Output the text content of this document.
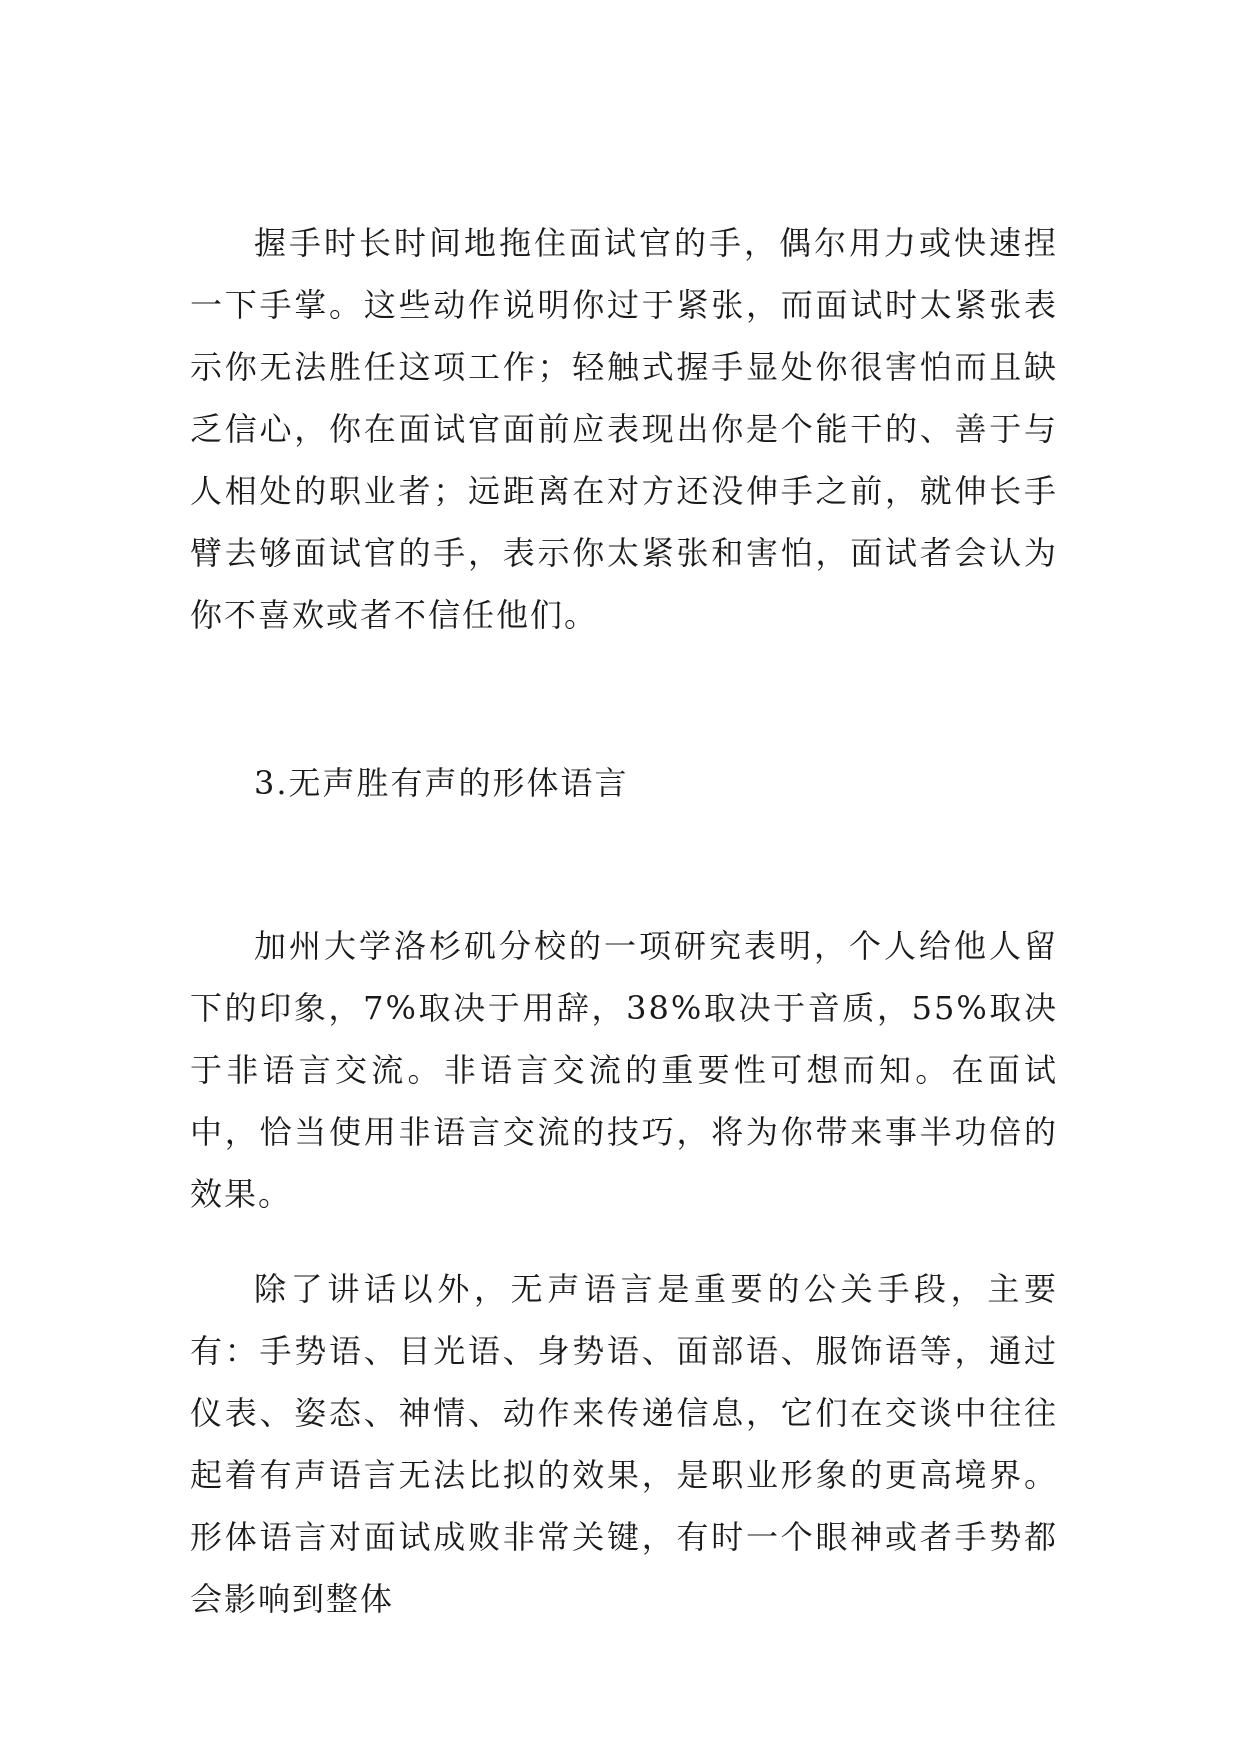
握手时长时间地拖住面试官的手，偶尔用力或快速捏一下手掌。这些动作说明你过于紧张，而面试时太紧张表示你无法胜任这项工作；轻触式握手显处你很害怕而且缺乏信心，你在面试官面前应表现出你是个能干的、善于与人相处的职业者；远距离在对方还没伸手之前，就伸长手臂去够面试官的手，表示你太紧张和害怕，面试者会认为你不喜欢或者不信任他们。

3.无声胜有声的形体语言

加州大学洛杉矶分校的一项研究表明，个人给他人留下的印象，7%取决于用辞，38%取决于音质，55%取决于非语言交流。非语言交流的重要性可想而知。在面试中，恰当使用非语言交流的技巧，将为你带来事半功倍的效果。

除了讲话以外，无声语言是重要的公关手段，主要有：手势语、目光语、身势语、面部语、服饰语等，通过仪表、姿态、神情、动作来传递信息，它们在交谈中往往起着有声语言无法比拟的效果，是职业形象的更高境界。形体语言对面试成败非常关键，有时一个眼神或者手势都会影响到整体
